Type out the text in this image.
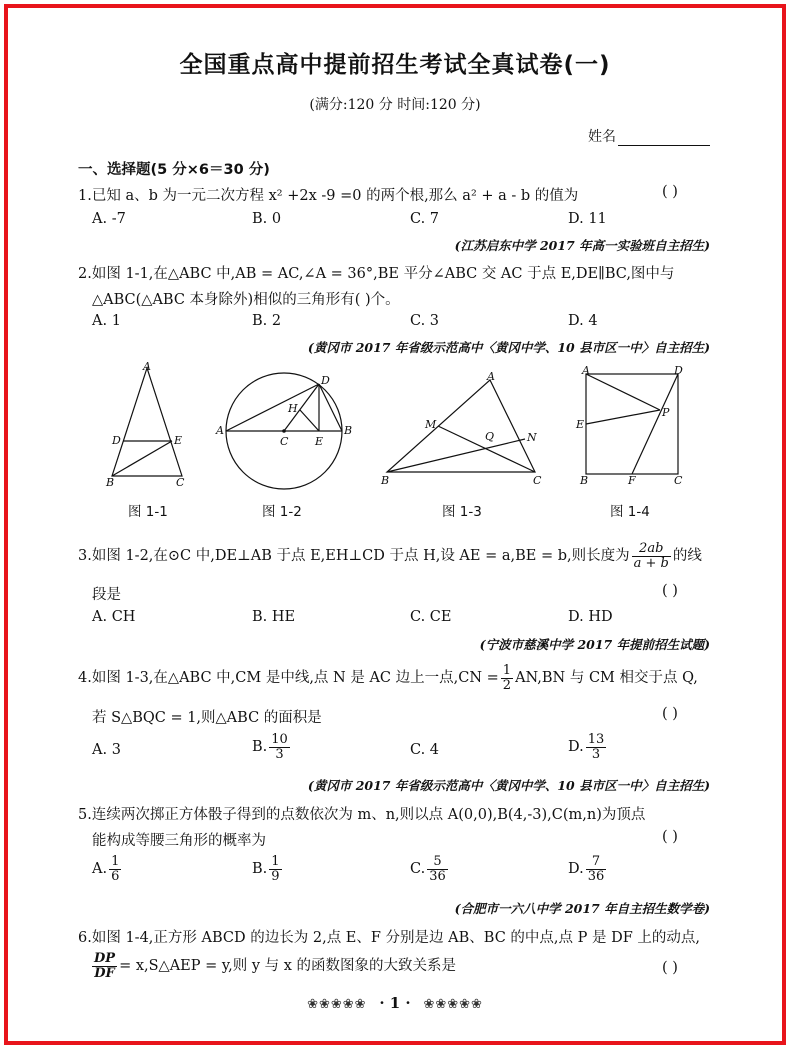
全国重点高中提前招生考试全真试卷(一)
(满分:120 分 时间:120 分)
姓名
一、选择题(5 分×6＝30 分)
1.已知 a、b 为一元二次方程 x² +2x -9 =0 的两个根,那么 a² + a - b 的值为	( )
A. -7	B. 0	C. 7	D. 11
(江苏启东中学 2017 年高一实验班自主招生)
2.如图 1-1,在△ABC 中,AB = AC,∠A = 36°,BE 平分∠ABC 交 AC 于点 E,DE∥BC,图中与
△ABC(△ABC 本身除外)相似的三角形有( )个。
A. 1	B. 2	C. 3	D. 4
(黄冈市 2017 年省级示范高中〈黄冈中学、10 县市区一中〉自主招生)
A
D	E
B	C
D
H
A
C E
B
A
M
Q	N
B	C
A	D
P
E
B	F	C
图 1-1	图 1-2	图 1-3	图 1-4
3.如图 1-2,在⊙C 中,DE⊥AB 于点 E,EH⊥CD 于点 H,设 AE = a,BE = b,则长度为 $\frac{2ab}{a + b}$ 的线
段是	( )
A. CH	B. HE	C. CE	D. HD
(宁波市慈溪中学 2017 年提前招生试题)
4.如图 1-3,在△ABC 中,CM 是中线,点 N 是 AC 边上一点$,CN = \frac{1}{2} AN,BN$ 与 CM 相交于点 Q,
若 S△BQC = 1,则△ABC 的面积是	( )
A. 3	B. $\frac{10}{3}$	C. 4	D. $\frac{13}{3}$
(黄冈市 2017 年省级示范高中〈黄冈中学、10 县市区一中〉自主招生)
5.连续两次掷正方体骰子得到的点数依次为 m、n,则以点 A(0,0),B(4,-3),C(m,n)为顶点
能构成等腰三角形的概率为	( )
A. $\frac{1}{6}$	B. $\frac{1}{9}$	C. $\frac{5}{36}$	D. $\frac{7}{36}$
(合肥市一六八中学 2017 年自主招生数学卷)
6.如图 1-4,正方形 ABCD 的边长为 2,点 E、F 分别是边 AB、BC 的中点,点 P 是 DF 上的动点,
$\frac{DP}{DF}$ = x,S△AEP = y,则 y 与 x 的函数图象的大致关系是	( )
❀❀❀❀❀ · 1 · ❀❀❀❀❀
